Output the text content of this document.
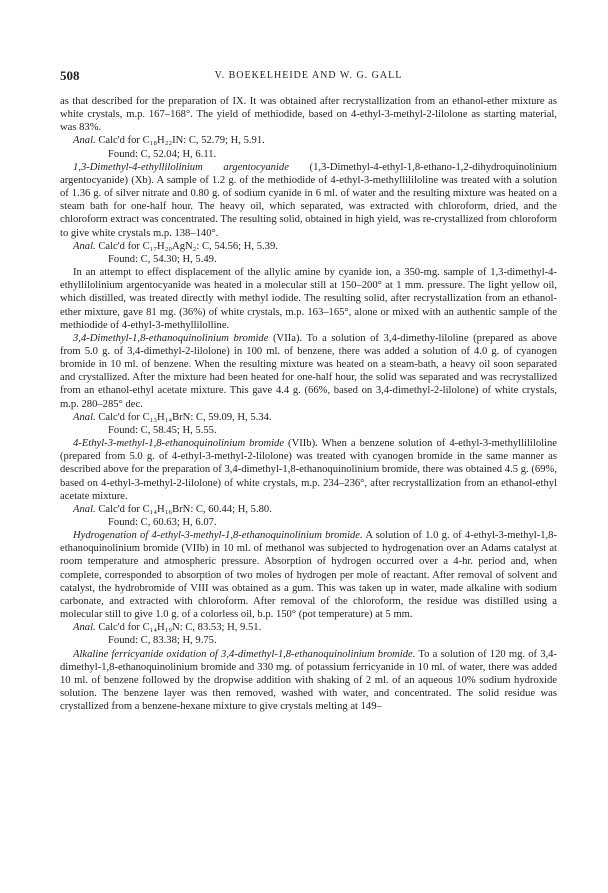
508	V. BOEKELHEIDE AND W. G. GALL

as that described for the preparation of IX. It was obtained after recrystallization from an ethanol-ether mixture as white crystals, m.p. 167–168°. The yield of methiodide, based on 4-ethyl-3-methyl-2-lilolone as starting material, was 83%.

Anal. Calc'd for C₁₈H₂₂IN: C, 52.79; H, 5.91.

Found: C, 52.04; H, 6.11.

1,3-Dimethyl-4-ethyllilolinium argentocyanide (1,3-Dimethyl-4-ethyl-1,8-ethano-1,2-dihydroquinolinium argentocyanide) (Xb). A sample of 1.2 g. of the methiodide of 4-ethyl-3-methyllililoline was treated with a solution of 1.36 g. of silver nitrate and 0.80 g. of sodium cyanide in 6 ml. of water and the resulting mixture was heated on a steam bath for one-half hour. The heavy oil, which separated, was extracted with chloroform, dried, and the chloroform extract was concentrated. The resulting solid, obtained in high yield, was re-crystallized from chloroform to give white crystals m.p. 138–140°.

Anal. Calc'd for C₁₇H₂₀AgN₂: C, 54.56; H, 5.39.

Found: C, 54.30; H, 5.49.

In an attempt to effect displacement of the allylic amine by cyanide ion, a 350-mg. sample of 1,3-dimethyl-4-ethyllilolinium argentocyanide was heated in a molecular still at 150–200° at 1 mm. pressure. The light yellow oil, which distilled, was treated directly with methyl iodide. The resulting solid, after recrystallization from an ethanol-ether mixture, gave 81 mg. (36%) of white crystals, m.p. 163–165°, alone or mixed with an authentic sample of the methiodide of 4-ethyl-3-methyllilolline.

3,4-Dimethyl-1,8-ethanoquinolinium bromide (VIIa). To a solution of 3,4-dimethy-liloline (prepared as above from 5.0 g. of 3,4-dimethyl-2-lilolone) in 100 ml. of benzene, there was added a solution of 4.0 g. of cyanogen bromide in 10 ml. of benzene. When the resulting mixture was heated on a steam-bath, a heavy oil soon separated and crystallized. After the mixture had been heated for one-half hour, the solid was separated and was recrystallized from an ethanol-ethyl acetate mixture. This gave 4.4 g. (66%, based on 3,4-dimethyl-2-lilolone) of white crystals, m.p. 280–285° dec.

Anal. Calc'd for C₁₃H₁₄BrN: C, 59.09, H, 5.34.

Found: C, 58.45; H, 5.55.

4-Ethyl-3-methyl-1,8-ethanoquinolinium bromide (VIIb). When a benzene solution of 4-ethyl-3-methyllililoline (prepared from 5.0 g. of 4-ethyl-3-methyl-2-lilolone) was treated with cyanogen bromide in the same manner as described above for the preparation of 3,4-dimethyl-1,8-ethanoquinolinium bromide, there was obtained 4.5 g. (69%, based on 4-ethyl-3-methyl-2-lilolone) of white crystals, m.p. 234–236°, after recrystallization from an ethanol-ethyl acetate mixture.

Anal. Calc'd for C₁₄H₁₆BrN: C, 60.44; H, 5.80.

Found: C, 60.63; H, 6.07.

Hydrogenation of 4-ethyl-3-methyl-1,8-ethanoquinolinium bromide. A solution of 1.0 g. of 4-ethyl-3-methyl-1,8-ethanoquinolinium bromide (VIIb) in 10 ml. of methanol was subjected to hydrogenation over an Adams catalyst at room temperature and atmospheric pressure. Absorption of hydrogen occurred over a 4-hr. period and, when complete, corresponded to absorption of two moles of hydrogen per mole of reactant. After removal of solvent and catalyst, the hydrobromide of VIII was obtained as a gum. This was taken up in water, made alkaline with sodium carbonate, and extracted with chloroform. After removal of the chloroform, the residue was distilled using a molecular still to give 1.0 g. of a colorless oil, b.p. 150° (pot temperature) at 5 mm.

Anal. Calc'd for C₁₄H₁₉N: C, 83.53; H, 9.51.

Found: C, 83.38; H, 9.75.

Alkaline ferricyanide oxidation of 3,4-dimethyl-1,8-ethanoquinolinium bromide. To a solution of 120 mg. of 3,4-dimethyl-1,8-ethanoquinolinium bromide and 330 mg. of potassium ferricyanide in 10 ml. of water, there was added 10 ml. of benzene followed by the dropwise addition with shaking of 2 ml. of an aqueous 10% sodium hydroxide solution. The benzene layer was then removed, washed with water, and concentrated. The solid residue was crystallized from a benzene-hexane mixture to give crystals melting at 149–
